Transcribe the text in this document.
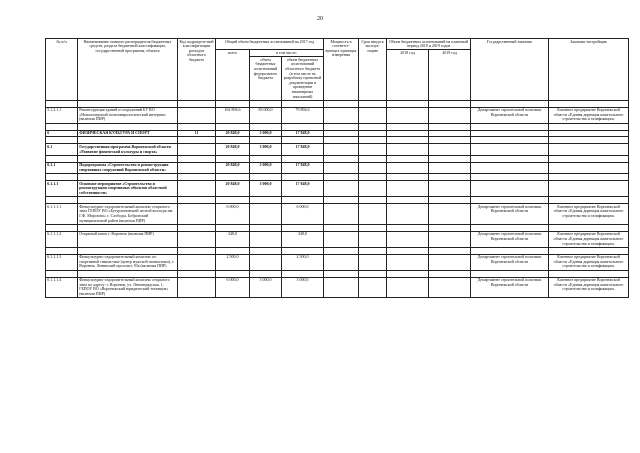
20
№ п/п	Наименование главного распорядителя бюджетных средств, раздела бюджетной классификации, государственной программы, объекта	Код подразделе-ний классифи-кации расходов областного бюджета	Общий объем бюджетных ассигнований на 2017 год			Мощность в соответст-вующих единицах измерения	Срок ввода в эксплуа-тацию	Объем бюджетных ассигнований на плановый период 2018 и 2019 годов		Государственный заказчик	Заказчик-застройщик
			всего	в том числе:				2018 год	2019 год		
				объем бюджетных ассигнований федерального бюджета	объем бюджетных ассигнований областного бюджета (в том числе на разработку проектной документации и проведение инженерных изысканий)						

5.1.2.1.1	Реконструкция зданий и сооружений БУ ВО «Новохоперский психоневрологический интернат» (включая ПИР)		162 894,6	83 000,0	79 894,6					Департамент строительной политики Воронежской области	Казенное предприятие Воронежской области «Единая дирекция капитального строительства и газификации»

6	ФИЗИЧЕСКАЯ КУЛЬТУРА И СПОРТ	11	20 848,0	3 000,0	17 848,0						

6.1	Государственная программа Воронежской области «Развитие физической культуры и спорта»		20 848,0	3 000,0	17 848,0						

6.1.1	Подпрограмма «Строительство и реконструкция спортивных сооружений Воронежской области»		20 848,0	3 000,0	17 848,0						

6.1.1.1	Основное мероприятие «Строительство и реконструкция спортивных объектов областной собственности»		20 848,0	3 000,0	17 848,0						

6.1.1.1.1	Физкультурно-оздоровительный комплекс открытого типа ГБПОУ ВО «Бутурлиновский лесной колледж им. Г.Ф. Морозова» с. Слободы, Бобровский муниципальный район (включая ПИР)		6 000,0		6 000,0					Департамент строительной политики Воронежской области	Казенное предприятие Воронежской области «Единая дирекция капитального строительства и газификации»

6.1.1.1.2	Открытый каток г. Воронеж (включая ПИР)		348,0		348,0					Департамент строительной политики Воронежской области	Казенное предприятие Воронежской области «Единая дирекция капитального строительства и газификации»

6.1.1.1.3	Физкультурно-оздоровительный комплекс по спортивной гимнастике (центр мужской гимнастики), г. Воронеж, Ленинский проспект, 93а (включая ПИР)		2 500,0		2 500,0					Департамент строительной политики Воронежской области	Казенное предприятие Воронежской области «Единая дирекция капитального строительства и газификации»

6.1.1.1.4	Физкультурно-оздоровительный комплекс открытого типа по адресу: г. Воронеж, ул. Ленинградская, 1, ГБПОУ ВО «Воронежский юридический техникум» (включая ПИР)		6 000,0	3 000,0	3 000,0					Департамент строительной политики Воронежской области	Казенное предприятие Воронежской области «Единая дирекция капитального строительства и газификации»
